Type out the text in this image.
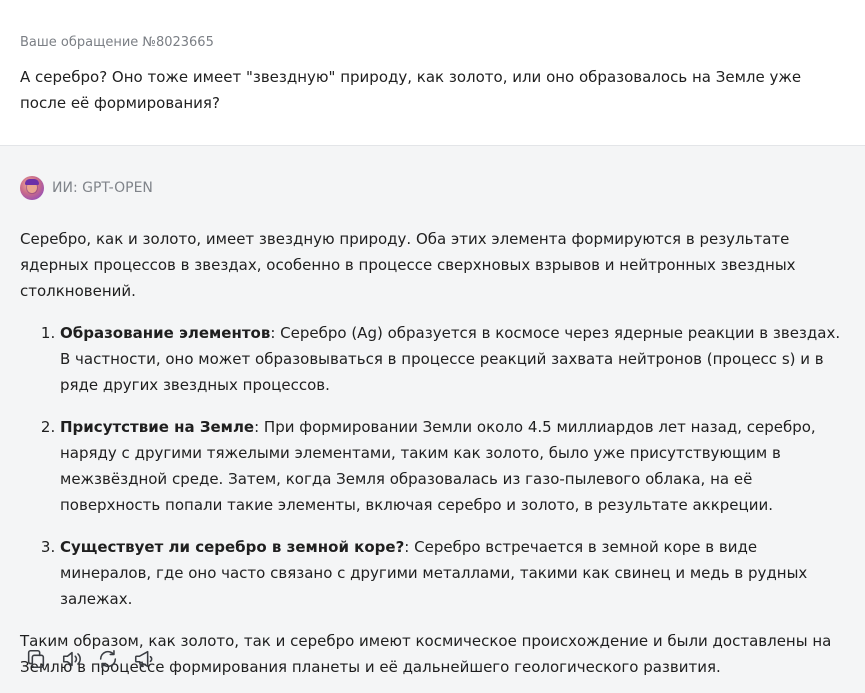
Ваше обращение №8023665
А серебро? Оно тоже имеет "звездную" природу, как золото, или оно образовалось на Земле уже после её формирования?
ИИ: GPT-OPEN

Серебро, как и золото, имеет звездную природу. Оба этих элемента формируются в результате ядерных процессов в звездах, особенно в процессе сверхновых взрывов и нейтронных звездных столкновений.

1. Образование элементов: Серебро (Ag) образуется в космосе через ядерные реакции в звездах. В частности, оно может образовываться в процессе реакций захвата нейтронов (процесс s) и в ряде других звездных процессов.
2. Присутствие на Земле: При формировании Земли около 4.5 миллиардов лет назад, серебро, наряду с другими тяжелыми элементами, таким как золото, было уже присутствующим в межзвёздной среде. Затем, когда Земля образовалась из газо-пылевого облака, на её поверхность попали такие элементы, включая серебро и золото, в результате аккреции.
3. Существует ли серебро в земной коре?: Серебро встречается в земной коре в виде минералов, где оно часто связано с другими металлами, такими как свинец и медь в рудных залежах.

Таким образом, как золото, так и серебро имеют космическое происхождение и были доставлены на Землю в процессе формирования планеты и её дальнейшего геологического развития.
